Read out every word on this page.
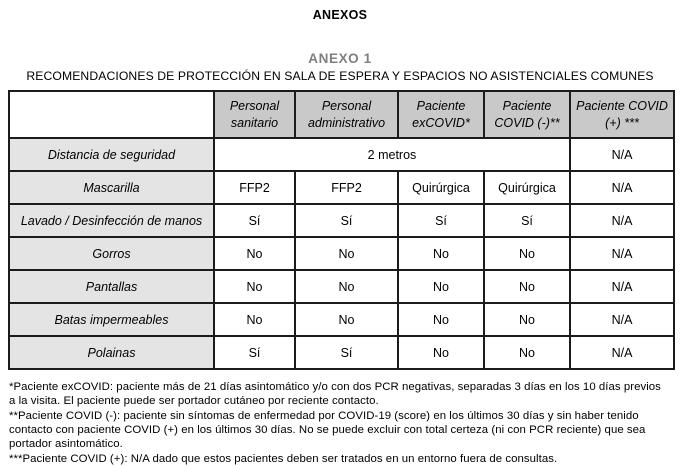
ANEXOS
ANEXO 1
RECOMENDACIONES DE PROTECCIÓN EN SALA DE ESPERA Y ESPACIOS NO ASISTENCIALES COMUNES
	Personal sanitario	Personal administrativo	Paciente exCOVID*	Paciente COVID (-)**	Paciente COVID (+) ***
Distancia de seguridad	2 metros				N/A
Mascarilla	FFP2	FFP2	Quirúrgica	Quirúrgica	N/A
Lavado / Desinfección de manos	Sí	Sí	Sí	Sí	N/A
Gorros	No	No	No	No	N/A
Pantallas	No	No	No	No	N/A
Batas impermeables	No	No	No	No	N/A
Polainas	Sí	Sí	No	No	N/A

*Paciente exCOVID: paciente más de 21 días asintomático y/o con dos PCR negativas, separadas 3 días en los 10 días previos a la visita. El paciente puede ser portador cutáneo por reciente contacto.

**Paciente COVID (-): paciente sin síntomas de enfermedad por COVID-19 (score) en los últimos 30 días y sin haber tenido contacto con paciente COVID (+) en los últimos 30 días. No se puede excluir con total certeza (ni con PCR reciente) que sea portador asintomático.

***Paciente COVID (+): N/A dado que estos pacientes deben ser tratados en un entorno fuera de consultas.
